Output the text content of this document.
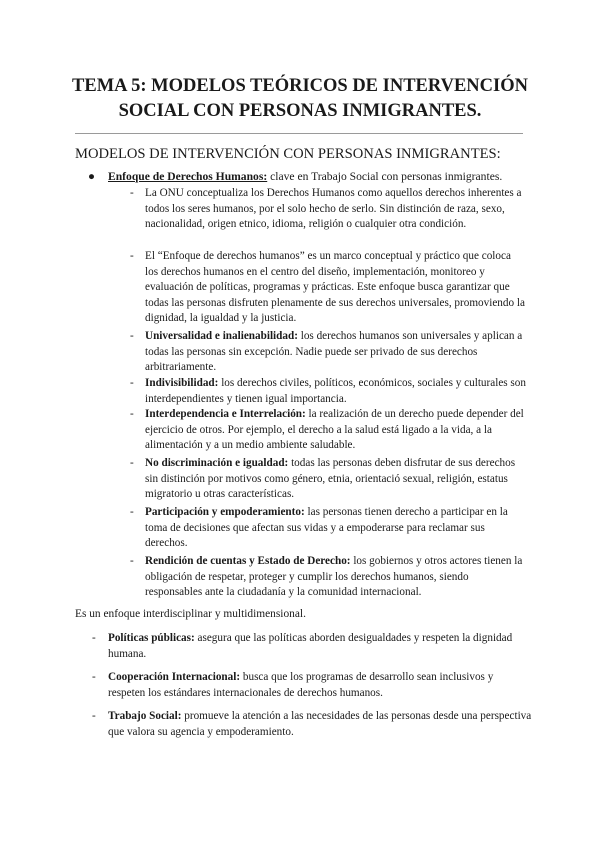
TEMA 5: MODELOS TEÓRICOS DE INTERVENCIÓN
SOCIAL CON PERSONAS INMIGRANTES.
MODELOS DE INTERVENCIÓN CON PERSONAS INMIGRANTES:
● Enfoque de Derechos Humanos: clave en Trabajo Social con personas inmigrantes.

- La ONU conceptualiza los Derechos Humanos como aquellos derechos inherentes a todos los seres humanos, por el solo hecho de serlo. Sin distinción de raza, sexo, nacionalidad, origen etnico, idioma, religión o cualquier otra condición.

- El “Enfoque de derechos humanos” es un marco conceptual y práctico que coloca los derechos humanos en el centro del diseño, implementación, monitoreo y evaluación de políticas, programas y prácticas. Este enfoque busca garantizar que todas las personas disfruten plenamente de sus derechos universales, promoviendo la dignidad, la igualdad y la justicia.

- Universalidad e inalienabilidad: los derechos humanos son universales y aplican a todas las personas sin excepción. Nadie puede ser privado de sus derechos arbitrariamente.

- Indivisibilidad: los derechos civiles, políticos, económicos, sociales y culturales son interdependientes y tienen igual importancia.

- Interdependencia e Interrelación: la realización de un derecho puede depender del ejercicio de otros. Por ejemplo, el derecho a la salud está ligado a la vida, a la alimentación y a un medio ambiente saludable.

- No discriminación e igualdad: todas las personas deben disfrutar de sus derechos sin distinción por motivos como género, etnia, orientació sexual, religión, estatus migratorio u otras características.

- Participación y empoderamiento: las personas tienen derecho a participar en la toma de decisiones que afectan sus vidas y a empoderarse para reclamar sus derechos.

- Rendición de cuentas y Estado de Derecho: los gobiernos y otros actores tienen la obligación de respetar, proteger y cumplir los derechos humanos, siendo responsables ante la ciudadanía y la comunidad internacional.

Es un enfoque interdisciplinar y multidimensional.

- Políticas públicas: asegura que las políticas aborden desigualdades y respeten la dignidad humana.

- Cooperación Internacional: busca que los programas de desarrollo sean inclusivos y respeten los estándares internacionales de derechos humanos.

- Trabajo Social: promueve la atención a las necesidades de las personas desde una perspectiva que valora su agencia y empoderamiento.
